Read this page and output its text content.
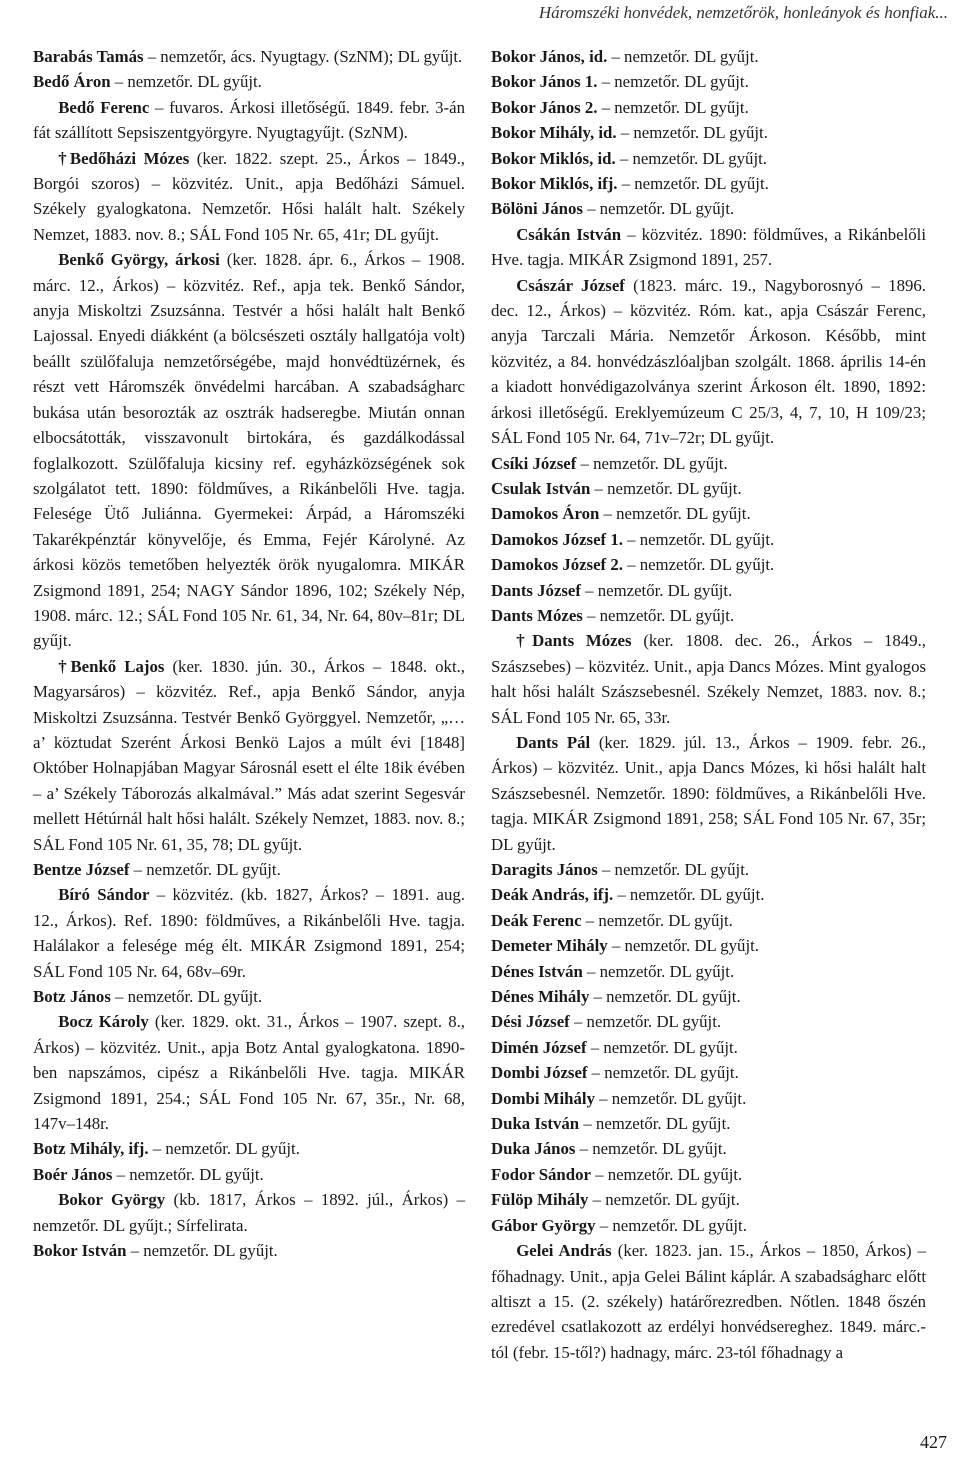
Háromszéki honvédek, nemzetőrök, honleányok és honfiak...

Barabás Tamás – nemzetőr, ács. Nyugtagy. (SzNM); DL gyűjt.

Bedő Áron – nemzetőr. DL gyűjt.

Bedő Ferenc – fuvaros. Árkosi illetőségű. 1849. febr. 3-án fát szállított Sepsiszentgyörgyre. Nyugtagyűjt. (SzNM).

†Bedőházi Mózes (ker. 1822. szept. 25., Árkos – 1849., Borgói szoros) – közvitéz. Unit., apja Bedőházi Sámuel. Székely gyalogkatona. Nemzetőr. Hősi halált halt. Székely Nemzet, 1883. nov. 8.; SÁL Fond 105 Nr. 65, 41r; DL gyűjt.

Benkő György, árkosi (ker. 1828. ápr. 6., Árkos – 1908. márc. 12., Árkos) – közvitéz. Ref., apja tek. Benkő Sándor, anyja Miskoltzi Zsuzsánna. Testvér a hősi halált halt Benkő Lajossal. Enyedi diákként (a bölcsészeti osztály hallgatója volt) beállt szülőfaluja nemzetőrségébe, majd honvédtüzérnek, és részt vett Háromszék önvédelmi harcában. A szabadságharc bukása után besorozták az osztrák hadseregbe. Miután onnan elbocsátották, visszavonult birtokára, és gazdálkodással foglalkozott. Szülőfaluja kicsiny ref. egyházközségének sok szolgálatot tett. 1890: földműves, a Rikánbelőli Hve. tagja. Felesége Ütő Juliánna. Gyermekei: Árpád, a Háromszéki Takarékpénztár könyvelője, és Emma, Fejér Károlyné. Az árkosi közös temetőben helyezték örök nyugalomra. MIKÁR Zsigmond 1891, 254; NAGY Sándor 1896, 102; Székely Nép, 1908. márc. 12.; SÁL Fond 105 Nr. 61, 34, Nr. 64, 80v–81r; DL gyűjt.

†Benkő Lajos (ker. 1830. jún. 30., Árkos – 1848. okt., Magyarsáros) – közvitéz. Ref., apja Benkő Sándor, anyja Miskoltzi Zsuzsánna. Testvér Benkő Györggyel. Nemzetőr, „…a’ köztudat Szerént Árkosi Benkö Lajos a múlt évi [1848] Október Holnapjában Magyar Sárosnál esett el élte 18ik évében – a’ Székely Táborozás alkalmával.” Más adat szerint Segesvár mellett Hétúrnál halt hősi halált. Székely Nemzet, 1883. nov. 8.; SÁL Fond 105 Nr. 61, 35, 78; DL gyűjt.

Bentze József – nemzetőr. DL gyűjt.

Bíró Sándor – közvitéz. (kb. 1827, Árkos? – 1891. aug. 12., Árkos). Ref. 1890: földműves, a Rikánbelőli Hve. tagja. Halálakor a felesége még élt. MIKÁR Zsigmond 1891, 254; SÁL Fond 105 Nr. 64, 68v–69r.

Botz János – nemzetőr. DL gyűjt.

Bocz Károly (ker. 1829. okt. 31., Árkos – 1907. szept. 8., Árkos) – közvitéz. Unit., apja Botz Antal gyalogkatona. 1890-ben napszámos, cipész a Rikánbelőli Hve. tagja. MIKÁR Zsigmond 1891, 254.; SÁL Fond 105 Nr. 67, 35r., Nr. 68, 147v–148r.

Botz Mihály, ifj. – nemzetőr. DL gyűjt.

Boér János – nemzetőr. DL gyűjt.

Bokor György (kb. 1817, Árkos – 1892. júl., Árkos) – nemzetőr. DL gyűjt.; Sírfelirata.

Bokor István – nemzetőr. DL gyűjt.

Bokor János, id. – nemzetőr. DL gyűjt.

Bokor János 1. – nemzetőr. DL gyűjt.

Bokor János 2. – nemzetőr. DL gyűjt.

Bokor Mihály, id. – nemzetőr. DL gyűjt.

Bokor Miklós, id. – nemzetőr. DL gyűjt.

Bokor Miklós, ifj. – nemzetőr. DL gyűjt.

Bölöni János – nemzetőr. DL gyűjt.

Csákán István – közvitéz. 1890: földműves, a Rikánbelőli Hve. tagja. MIKÁR Zsigmond 1891, 257.

Császár József (1823. márc. 19., Nagyborosnyó – 1896. dec. 12., Árkos) – közvitéz. Róm. kat., apja Császár Ferenc, anyja Tarczali Mária. Nemzetőr Árkoson. Később, mint közvitéz, a 84. honvédzászlóaljban szolgált. 1868. április 14-én a kiadott honvédigazolványa szerint Árkoson élt. 1890, 1892: árkosi illetőségű. Ereklyemúzeum C 25/3, 4, 7, 10, H 109/23; SÁL Fond 105 Nr. 64, 71v–72r; DL gyűjt.

Csíki József – nemzetőr. DL gyűjt.

Csulak István – nemzetőr. DL gyűjt.

Damokos Áron – nemzetőr. DL gyűjt.

Damokos József 1. – nemzetőr. DL gyűjt.

Damokos József 2. – nemzetőr. DL gyűjt.

Dants József – nemzetőr. DL gyűjt.

Dants Mózes – nemzetőr. DL gyűjt.

†Dants Mózes (ker. 1808. dec. 26., Árkos – 1849., Szászsebes) – közvitéz. Unit., apja Dancs Mózes. Mint gyalogos halt hősi halált Szászsebesnél. Székely Nemzet, 1883. nov. 8.; SÁL Fond 105 Nr. 65, 33r.

Dants Pál (ker. 1829. júl. 13., Árkos – 1909. febr. 26., Árkos) – közvitéz. Unit., apja Dancs Mózes, ki hősi halált halt Szászsebesnél. Nemzetőr. 1890: földműves, a Rikánbelőli Hve. tagja. MIKÁR Zsigmond 1891, 258; SÁL Fond 105 Nr. 67, 35r; DL gyűjt.

Daragits János – nemzetőr. DL gyűjt.

Deák András, ifj. – nemzetőr. DL gyűjt.

Deák Ferenc – nemzetőr. DL gyűjt.

Demeter Mihály – nemzetőr. DL gyűjt.

Dénes István – nemzetőr. DL gyűjt.

Dénes Mihály – nemzetőr. DL gyűjt.

Dési József – nemzetőr. DL gyűjt.

Dimén József – nemzetőr. DL gyűjt.

Dombi József – nemzetőr. DL gyűjt.

Dombi Mihály – nemzetőr. DL gyűjt.

Duka István – nemzetőr. DL gyűjt.

Duka János – nemzetőr. DL gyűjt.

Fodor Sándor – nemzetőr. DL gyűjt.

Fülöp Mihály – nemzetőr. DL gyűjt.

Gábor György – nemzetőr. DL gyűjt.

Gelei András (ker. 1823. jan. 15., Árkos – 1850, Árkos) – főhadnagy. Unit., apja Gelei Bálint káplár. A szabadságharc előtt altiszt a 15. (2. székely) határőrezredben. Nőtlen. 1848 őszén ezredével csatlakozott az erdélyi honvédsereghez. 1849. márc.-tól (febr. 15-től?) hadnagy, márc. 23-tól főhadnagy a

427
